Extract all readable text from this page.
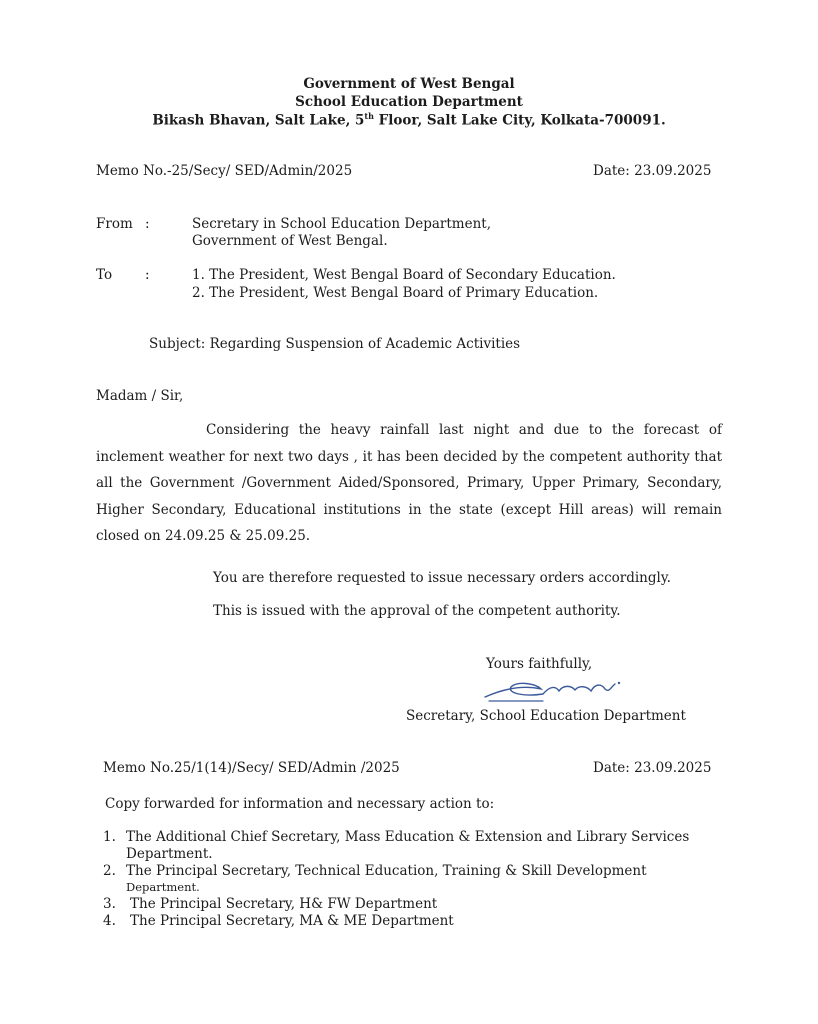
Government of West Bengal
School Education Department
Bikash Bhavan, Salt Lake, 5th Floor, Salt Lake City, Kolkata-700091.
Memo No.-25/Secy/ SED/Admin/2025	Date: 23.09.2025
From :	Secretary in School Education Department,
Government of West Bengal.
To :	1. The President, West Bengal Board of Secondary Education.
2. The President, West Bengal Board of Primary Education.
Subject: Regarding Suspension of Academic Activities
Madam / Sir,
Considering the heavy rainfall last night and due to the forecast of inclement weather for next two days , it has been decided by the competent authority that all the Government /Government Aided/Sponsored, Primary, Upper Primary, Secondary, Higher Secondary, Educational institutions in the state (except Hill areas) will remain closed on 24.09.25 & 25.09.25.
You are therefore requested to issue necessary orders accordingly.
This is issued with the approval of the competent authority.
Yours faithfully,
Secretary, School Education Department
Memo No.25/1(14)/Secy/ SED/Admin /2025	Date: 23.09.2025
Copy forwarded for information and necessary action to:
1. The Additional Chief Secretary, Mass Education & Extension and Library Services
Department.
2. The Principal Secretary, Technical Education, Training & Skill Development
Department.
3. The Principal Secretary, H& FW Department
4. The Principal Secretary, MA & ME Department
